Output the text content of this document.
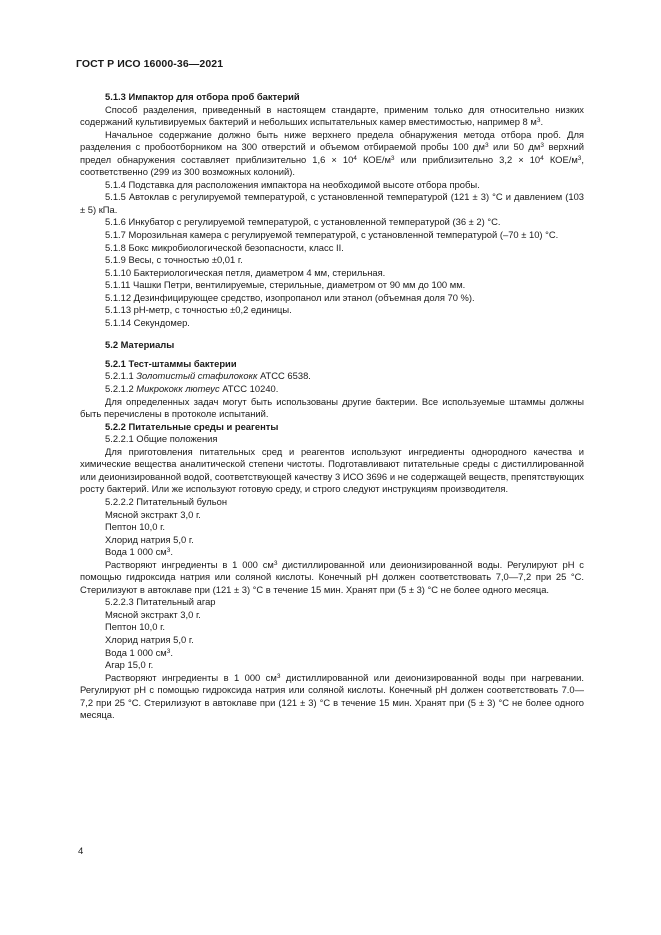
ГОСТ Р ИСО 16000-36—2021

5.1.3 Импактор для отбора проб бактерий

Способ разделения, приведенный в настоящем стандарте, применим только для относительно низких содержаний культивируемых бактерий и небольших испытательных камер вместимостью, например 8 $м^3$.

Начальное содержание должно быть ниже верхнего предела обнаружения метода отбора проб. Для разделения с пробоотборником на 300 отверстий и объемом отбираемой пробы 100 $дм^3$ или 50 $дм^3$ верхний предел обнаружения составляет приблизительно $1,6 \times 10^4$ КОЕ/$м^3$ или приблизительно $3,2 \times 10^4$ КОЕ/$м^3$, соответственно (299 из 300 возможных колоний).

5.1.4 Подставка для расположения импактора на необходимой высоте отбора пробы.

5.1.5 Автоклав с регулируемой температурой, с установленной температурой (121 ± 3) °С и давлением (103 ± 5) кПа.

5.1.6 Инкубатор с регулируемой температурой, с установленной температурой (36 ± 2) °С.

5.1.7 Морозильная камера с регулируемой температурой, с установленной температурой (–70 ± 10) °С.

5.1.8 Бокс микробиологической безопасности, класс II.

5.1.9 Весы, с точностью ±0,01 г.

5.1.10 Бактериологическая петля, диаметром 4 мм, стерильная.

5.1.11 Чашки Петри, вентилируемые, стерильные, диаметром от 90 мм до 100 мм.

5.1.12 Дезинфицирующее средство, изопропанол или этанол (объемная доля 70 %).

5.1.13 pH-метр, с точностью ±0,2 единицы.

5.1.14 Секундомер.

5.2 Материалы

5.2.1 Тест-штаммы бактерии

5.2.1.1 Золотистый стафилококк АТСС 6538.

5.2.1.2 Микрококк лютеус АТСС 10240.

Для определенных задач могут быть использованы другие бактерии. Все используемые штаммы должны быть перечислены в протоколе испытаний.

5.2.2 Питательные среды и реагенты

5.2.2.1 Общие положения

Для приготовления питательных сред и реагентов используют ингредиенты однородного качества и химические вещества аналитической степени чистоты. Подготавливают питательные среды с дистиллированной или деионизированной водой, соответствующей качеству 3 ИСО 3696 и не содержащей веществ, препятствующих росту бактерий. Или же используют готовую среду, и строго следуют инструкциям производителя.

5.2.2.2 Питательный бульон

Мясной экстракт 3,0 г.

Пептон 10,0 г.

Хлорид натрия 5,0 г.

Вода 1 000 $см^3$.

Растворяют ингредиенты в 1 000 $см^3$ дистиллированной или деионизированной воды. Регулируют pH с помощью гидроксида натрия или соляной кислоты. Конечный pH должен соответствовать 7,0—7,2 при 25 °С. Стерилизуют в автоклаве при (121 ± 3) °С в течение 15 мин. Хранят при (5 ± 3) °С не более одного месяца.

5.2.2.3 Питательный агар

Мясной экстракт 3,0 г.

Пептон 10,0 г.

Хлорид натрия 5,0 г.

Вода 1 000 $см^3$.

Агар 15,0 г.

Растворяют ингредиенты в 1 000 $см^3$ дистиллированной или деионизированной воды при нагревании. Регулируют pH с помощью гидроксида натрия или соляной кислоты. Конечный pH должен соответствовать 7.0—7,2 при 25 °С. Стерилизуют в автоклаве при (121 ± 3) °С в течение 15 мин. Хранят при (5 ± 3) °С не более одного месяца.

4
